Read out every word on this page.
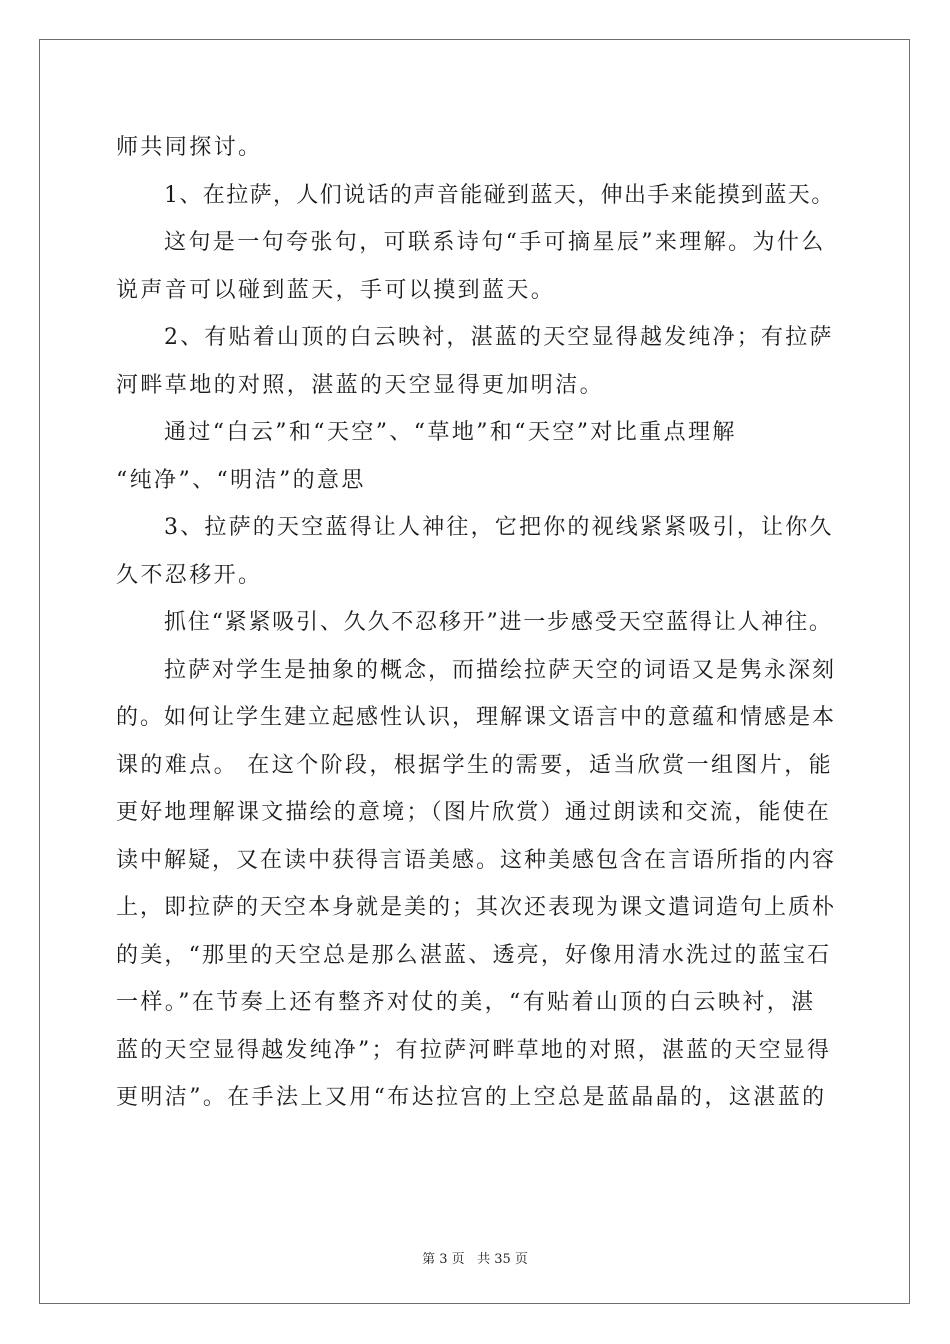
师共同探讨。
1、在拉萨，人们说话的声音能碰到蓝天，伸出手来能摸到蓝天。
这句是一句夸张句，可联系诗句“手可摘星辰”来理解。为什么
说声音可以碰到蓝天，手可以摸到蓝天。
2、有贴着山顶的白云映衬，湛蓝的天空显得越发纯净；有拉萨
河畔草地的对照，湛蓝的天空显得更加明洁。
通过“白云”和“天空”、“草地”和“天空”对比重点理解
“纯净”、“明洁”的意思
3、拉萨的天空蓝得让人神往，它把你的视线紧紧吸引，让你久
久不忍移开。
抓住“紧紧吸引、久久不忍移开”进一步感受天空蓝得让人神往。
拉萨对学生是抽象的概念，而描绘拉萨天空的词语又是隽永深刻
的。如何让学生建立起感性认识，理解课文语言中的意蕴和情感是本
课的难点。 在这个阶段，根据学生的需要，适当欣赏一组图片，能
更好地理解课文描绘的意境；（图片欣赏）通过朗读和交流，能使在
读中解疑，又在读中获得言语美感。这种美感包含在言语所指的内容
上，即拉萨的天空本身就是美的；其次还表现为课文遣词造句上质朴
的美，“那里的天空总是那么湛蓝、透亮，好像用清水洗过的蓝宝石
一样。”在节奏上还有整齐对仗的美，“有贴着山顶的白云映衬，湛
蓝的天空显得越发纯净”；有拉萨河畔草地的对照，湛蓝的天空显得
更明洁”。在手法上又用“布达拉宫的上空总是蓝晶晶的，这湛蓝的
第 3 页 共 35 页
